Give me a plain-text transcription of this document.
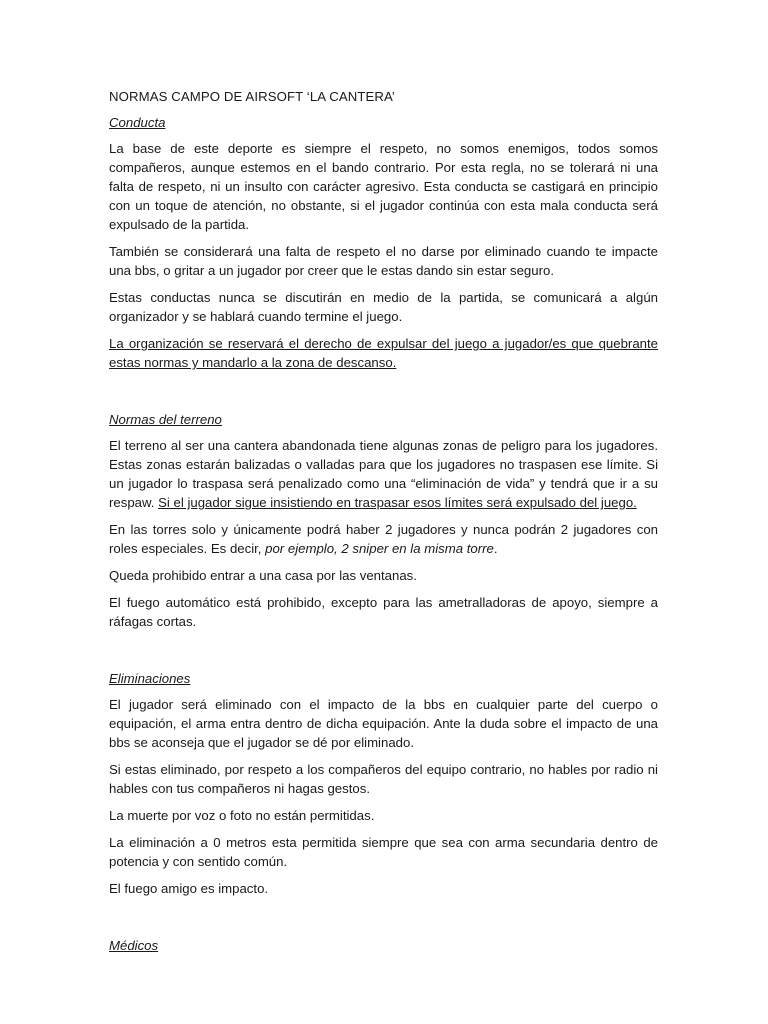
NORMAS CAMPO DE AIRSOFT ‘LA CANTERA’
Conducta

La base de este deporte es siempre el respeto, no somos enemigos, todos somos compañeros, aunque estemos en el bando contrario. Por esta regla, no se tolerará ni una falta de respeto, ni un insulto con carácter agresivo. Esta conducta se castigará en principio con un toque de atención, no obstante, si el jugador continúa con esta mala conducta será expulsado de la partida.

También se considerará una falta de respeto el no darse por eliminado cuando te impacte una bbs, o gritar a un jugador por creer que le estas dando sin estar seguro.

Estas conductas nunca se discutirán en medio de la partida, se comunicará a algún organizador y se hablará cuando termine el juego.

La organización se reservará el derecho de expulsar del juego a jugador/es que quebrante estas normas y mandarlo a la zona de descanso.

Normas del terreno

El terreno al ser una cantera abandonada tiene algunas zonas de peligro para los jugadores. Estas zonas estarán balizadas o valladas para que los jugadores no traspasen ese límite. Si un jugador lo traspasa será penalizado como una “eliminación de vida” y tendrá que ir a su respaw. Si el jugador sigue insistiendo en traspasar esos límites será expulsado del juego.

En las torres solo y únicamente podrá haber 2 jugadores y nunca podrán 2 jugadores con roles especiales. Es decir, por ejemplo, 2 sniper en la misma torre.

Queda prohibido entrar a una casa por las ventanas.

El fuego automático está prohibido, excepto para las ametralladoras de apoyo, siempre a ráfagas cortas.

Eliminaciones

El jugador será eliminado con el impacto de la bbs en cualquier parte del cuerpo o equipación, el arma entra dentro de dicha equipación. Ante la duda sobre el impacto de una bbs se aconseja que el jugador se dé por eliminado.

Si estas eliminado, por respeto a los compañeros del equipo contrario, no hables por radio ni hables con tus compañeros ni hagas gestos.

La muerte por voz o foto no están permitidas.

La eliminación a 0 metros esta permitida siempre que sea con arma secundaria dentro de potencia y con sentido común.

El fuego amigo es impacto.

Médicos
